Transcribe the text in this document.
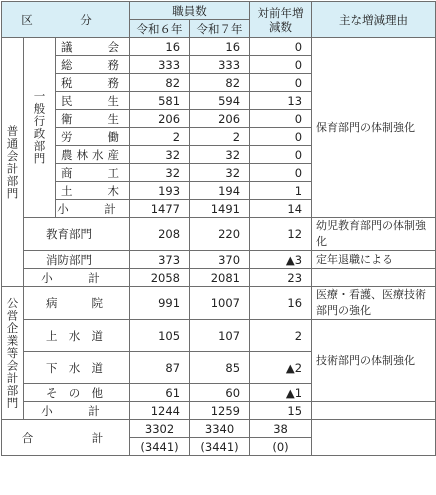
区　分			職員数		対前年増減数	主な増減理由
			令和６年	令和７年		
普通会計部門	一般行政部門	議　　会	16	16	0	保育部門の体制強化
		総　　務	333	333	0	
		税　　務	82	82	0	
		民　　生	581	594	13	
		衛　　生	206	206	0	
		労　　働	2	2	0	
		農林水産	32	32	0	
		商　　工	32	32	0	
		土　　木	193	194	1	
		小　計	1477	1491	14	
	教育部門		208	220	12	幼児教育部門の体制強化
	消防部門		373	370	▲3	定年退職による
	小　計		2058	2081	23	
公営企業等会計部門	病　　院		991	1007	16	医療・看護、医療技術部門の強化
	上 水 道		105	107	2	技術部門の体制強化
	下 水 道		87	85	▲2	
	そ の 他		61	60	▲1	
	小　計		1244	1259	15	
合　　　計			3302	3340	38	
			(3441)	(3441)	(0)	
